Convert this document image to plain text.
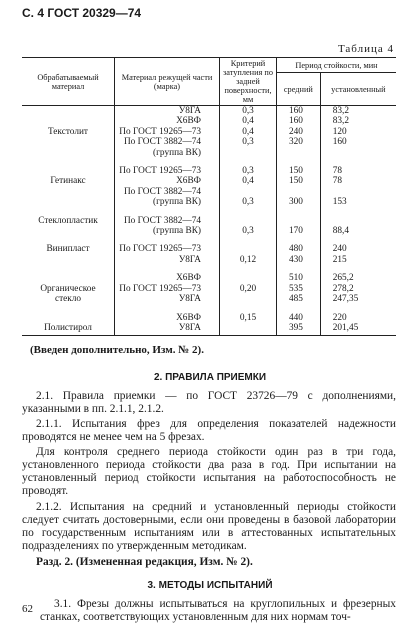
С. 4 ГОСТ 20329—74
Таблица 4
Обрабатываемый материал	Материал режущей части (марка)	Критерий затупления по задней поверхности, мм	Период стойкости, мин	
			средний	установленный
	У8ГА	0,3	160	83,2
	Х6ВФ	0,4	160	83,2
Текстолит	По ГОСТ 19265—73	0,4	240	120
	По ГОСТ 3882—74	0,3	320	160
	(группа ВК)			

	По ГОСТ 19265—73	0,3	150	78
Гетинакс	Х6ВФ	0,4	150	78
	По ГОСТ 3882—74			
	(группа ВК)	0,3	300	153

Стеклопластик	По ГОСТ 3882—74			
	(группа ВК)	0,3	170	88,4

Винипласт	По ГОСТ 19265—73		480	240
	У8ГА	0,12	430	215

	Х6ВФ		510	265,2
Органическое	По ГОСТ 19265—73	0,20	535	278,2
стекло	У8ГА		485	247,35

	Х6ВФ	0,15	440	220
Полистирол	У8ГА		395	201,45
(Введен дополнительно, Изм. № 2).
2. ПРАВИЛА ПРИЕМКИ
2.1. Правила приемки — по ГОСТ 23726—79 с дополнениями, указанными в пп. 2.1.1, 2.1.2.
2.1.1. Испытания фрез для определения показателей надежности проводятся не менее чем на 5 фрезах.
Для контроля среднего периода стойкости один раз в три года, установленного периода стойкости два раза в год. При испытании на установленный период стойкости испытания на работоспособность не проводят.
2.1.2. Испытания на средний и установленный периоды стойкости следует считать достоверными, если они проведены в базовой лаборатории по государственным испытаниям или в аттестованных испытательных подразделениях по утвержденным методикам.
Разд. 2. (Измененная редакция, Изм. № 2).
3. МЕТОДЫ ИСПЫТАНИЙ
3.1. Фрезы должны испытываться на круглопильных и фрезерных станках, соответствующих установленным для них нормам точ-
62
